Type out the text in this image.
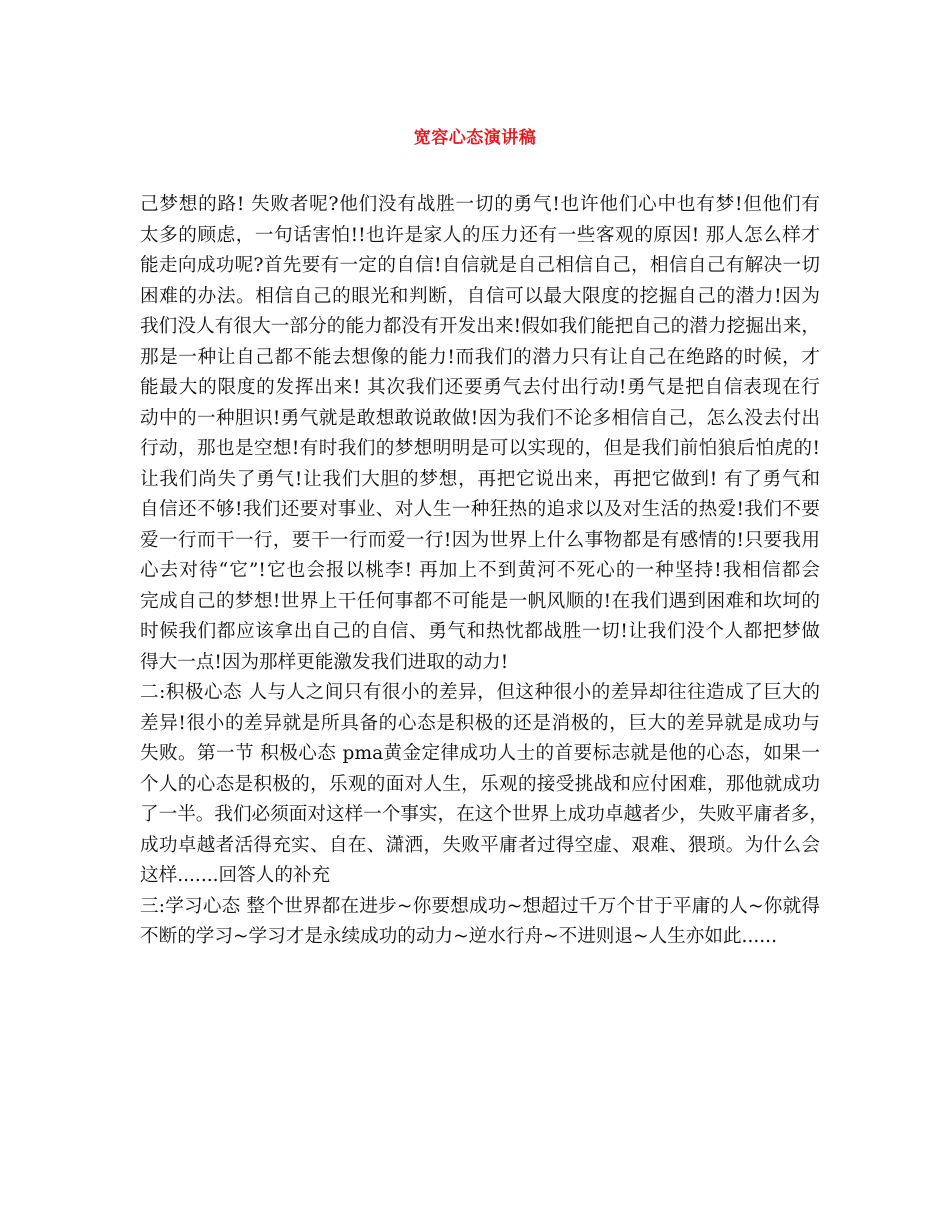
宽容心态演讲稿
己梦想的路! 失败者呢?他们没有战胜一切的勇气!也许他们心中也有梦!但他们有
太多的顾虑，一句话害怕!!也许是家人的压力还有一些客观的原因! 那人怎么样才
能走向成功呢?首先要有一定的自信!自信就是自己相信自己，相信自己有解决一切
困难的办法。相信自己的眼光和判断，自信可以最大限度的挖掘自己的潜力!因为
我们没人有很大一部分的能力都没有开发出来!假如我们能把自己的潜力挖掘出来，
那是一种让自己都不能去想像的能力!而我们的潜力只有让自己在绝路的时候，才
能最大的限度的发挥出来! 其次我们还要勇气去付出行动!勇气是把自信表现在行
动中的一种胆识!勇气就是敢想敢说敢做!因为我们不论多相信自己，怎么没去付出
行动，那也是空想!有时我们的梦想明明是可以实现的，但是我们前怕狼后怕虎的!
让我们尚失了勇气!让我们大胆的梦想，再把它说出来，再把它做到! 有了勇气和
自信还不够!我们还要对事业、对人生一种狂热的追求以及对生活的热爱!我们不要
爱一行而干一行，要干一行而爱一行!因为世界上什么事物都是有感情的!只要我用
心去对待“它”!它也会报以桃李! 再加上不到黄河不死心的一种坚持!我相信都会
完成自己的梦想!世界上干任何事都不可能是一帆风顺的!在我们遇到困难和坎坷的
时候我们都应该拿出自己的自信、勇气和热忱都战胜一切!让我们没个人都把梦做
得大一点!因为那样更能激发我们进取的动力!
二:积极心态 人与人之间只有很小的差异，但这种很小的差异却往往造成了巨大的
差异!很小的差异就是所具备的心态是积极的还是消极的，巨大的差异就是成功与
失败。第一节 积极心态 pma黄金定律成功人士的首要标志就是他的心态，如果一
个人的心态是积极的，乐观的面对人生，乐观的接受挑战和应付困难，那他就成功
了一半。我们必须面对这样一个事实，在这个世界上成功卓越者少，失败平庸者多，
成功卓越者活得充实、自在、潇洒，失败平庸者过得空虚、艰难、猥琐。为什么会
这样.......回答人的补充
三:学习心态 整个世界都在进步~你要想成功~想超过千万个甘于平庸的人~你就得
不断的学习~学习才是永续成功的动力~逆水行舟~不进则退~人生亦如此......
